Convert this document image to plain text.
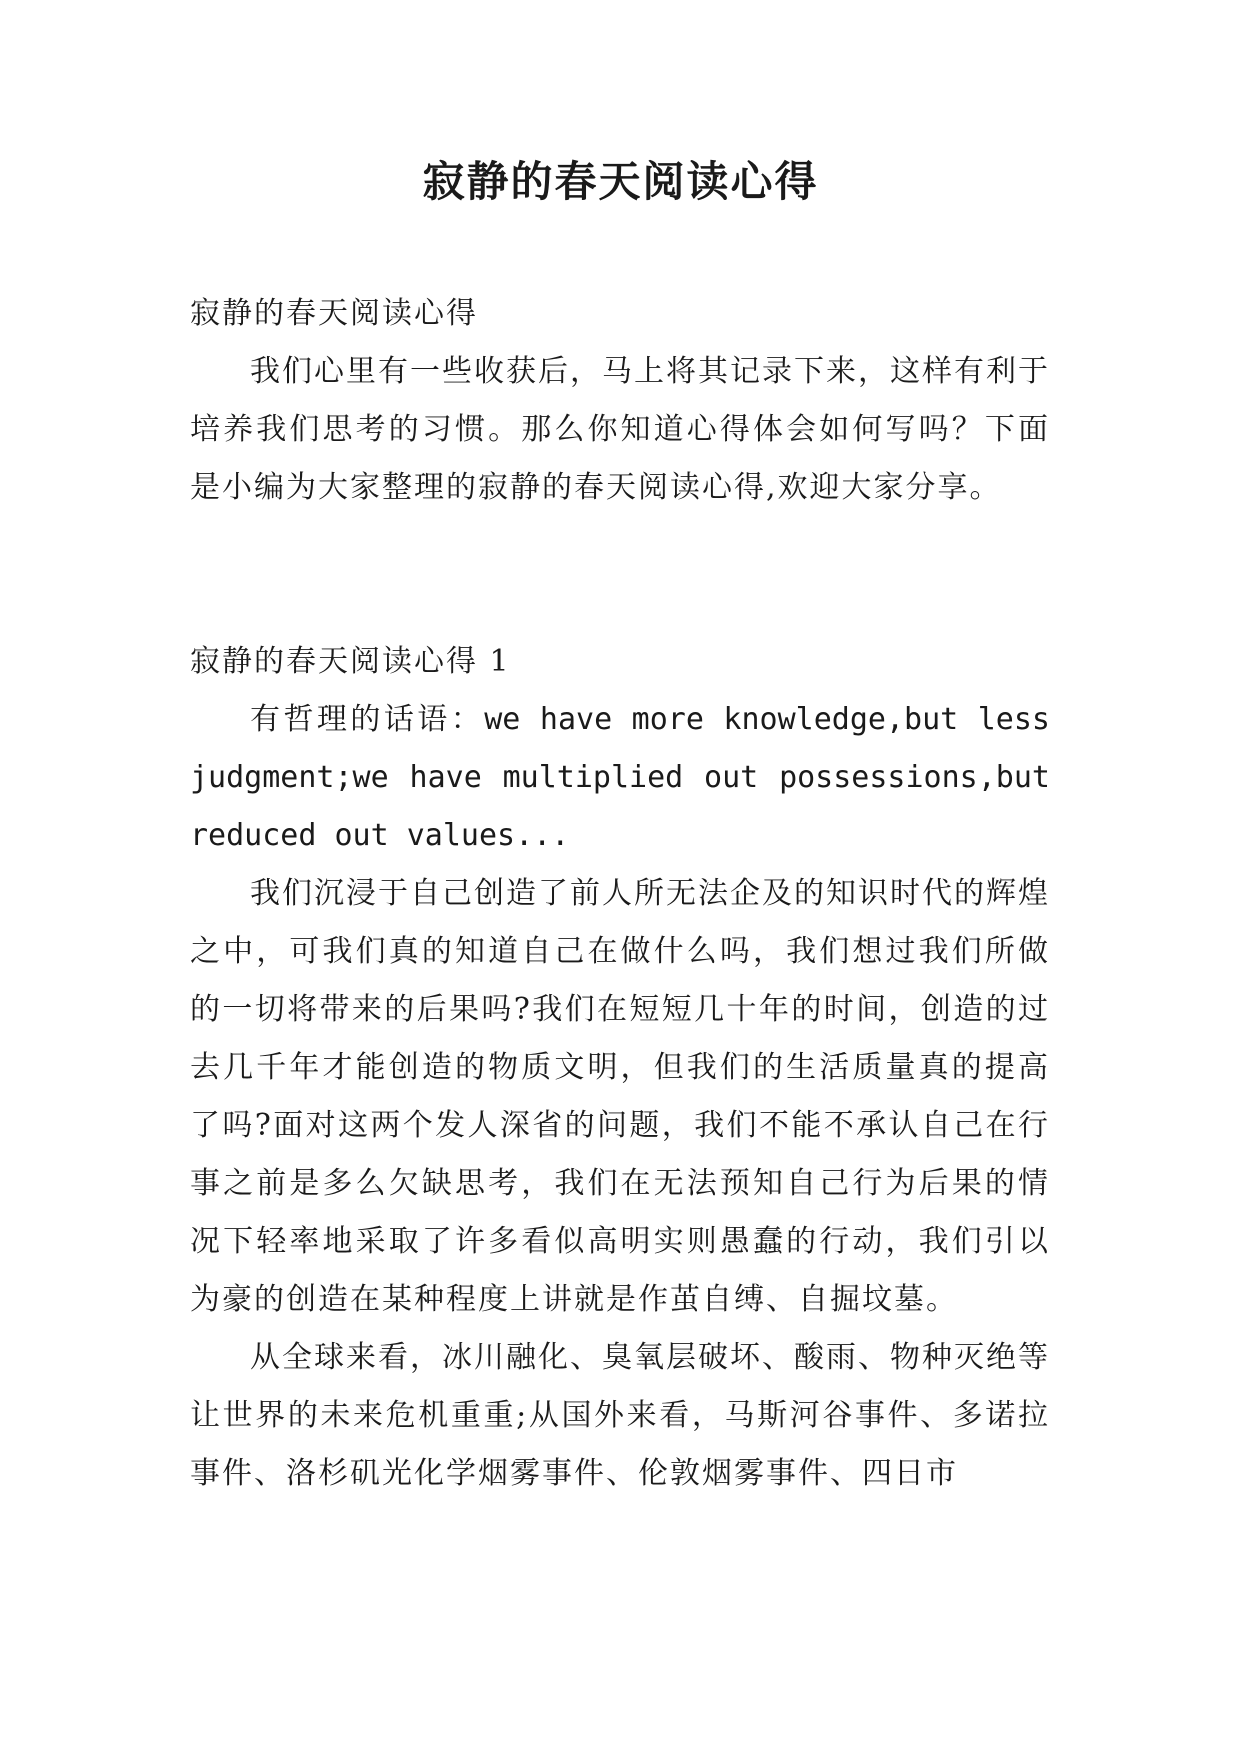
寂静的春天阅读心得

寂静的春天阅读心得

我们心里有一些收获后，马上将其记录下来，这样有利于培养我们思考的习惯。那么你知道心得体会如何写吗？下面是小编为大家整理的寂静的春天阅读心得,欢迎大家分享。

寂静的春天阅读心得 1

有哲理的话语：we have more knowledge,but less judgment;we have multiplied out possessions,but reduced out values...

我们沉浸于自己创造了前人所无法企及的知识时代的辉煌之中，可我们真的知道自己在做什么吗，我们想过我们所做的一切将带来的后果吗?我们在短短几十年的时间，创造的过去几千年才能创造的物质文明，但我们的生活质量真的提高了吗?面对这两个发人深省的问题，我们不能不承认自己在行事之前是多么欠缺思考，我们在无法预知自己行为后果的情况下轻率地采取了许多看似高明实则愚蠢的行动，我们引以为豪的创造在某种程度上讲就是作茧自缚、自掘坟墓。

从全球来看，冰川融化、臭氧层破坏、酸雨、物种灭绝等让世界的未来危机重重;从国外来看，马斯河谷事件、多诺拉事件、洛杉矶光化学烟雾事件、伦敦烟雾事件、四日市
